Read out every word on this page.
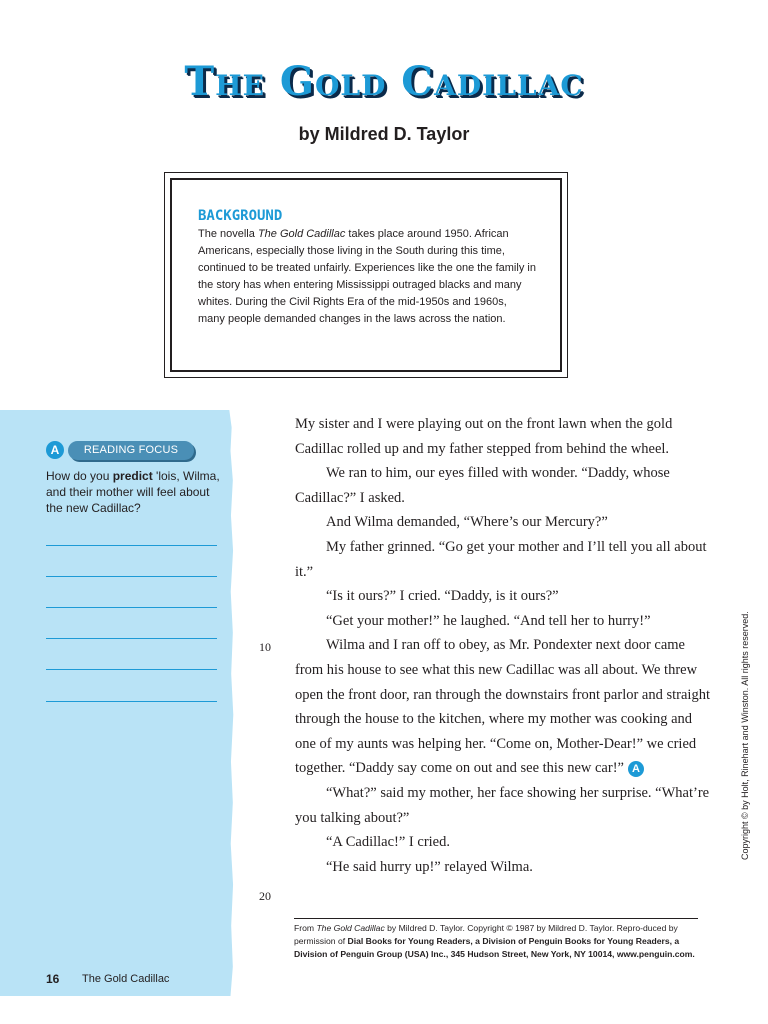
The Gold Cadillac
by Mildred D. Taylor
BACKGROUND
The novella The Gold Cadillac takes place around 1950. African Americans, especially those living in the South during this time, continued to be treated unfairly. Experiences like the one the family in the story has when entering Mississippi outraged blacks and many whites. During the Civil Rights Era of the mid-1950s and 1960s, many people demanded changes in the laws across the nation.
A	READING FOCUS
How do you predict 'lois, Wilma, and their mother will feel about the new Cadillac?

My sister and I were playing out on the front lawn when the gold Cadillac rolled up and my father stepped from behind the wheel.

We ran to him, our eyes filled with wonder. “Daddy, whose Cadillac?” I asked.

And Wilma demanded, “Where’s our Mercury?”

My father grinned. “Go get your mother and I’ll tell you all about it.”

“Is it ours?” I cried. “Daddy, is it ours?”

“Get your mother!” he laughed. “And tell her to hurry!”

Wilma and I ran off to obey, as Mr. Pondexter next door came from his house to see what this new Cadillac was all about. We threw open the front door, ran through the downstairs front parlor and straight through the house to the kitchen, where my mother was cooking and one of my aunts was helping her. “Come on, Mother-Dear!” we cried together. “Daddy say come on out and see this new car!” A

“What?” said my mother, her face showing her surprise. “What’re you talking about?”

“A Cadillac!” I cried.

“He said hurry up!” relayed Wilma.

10
20
Copyright © by Holt, Rinehart and Winston. All rights reserved.
From The Gold Cadillac by Mildred D. Taylor. Copyright © 1987 by Mildred D. Taylor. Repro-duced by permission of Dial Books for Young Readers, a Division of Penguin Books for Young Readers, a Division of Penguin Group (USA) Inc., 345 Hudson Street, New York, NY 10014, www.penguin.com.
16 The Gold Cadillac
